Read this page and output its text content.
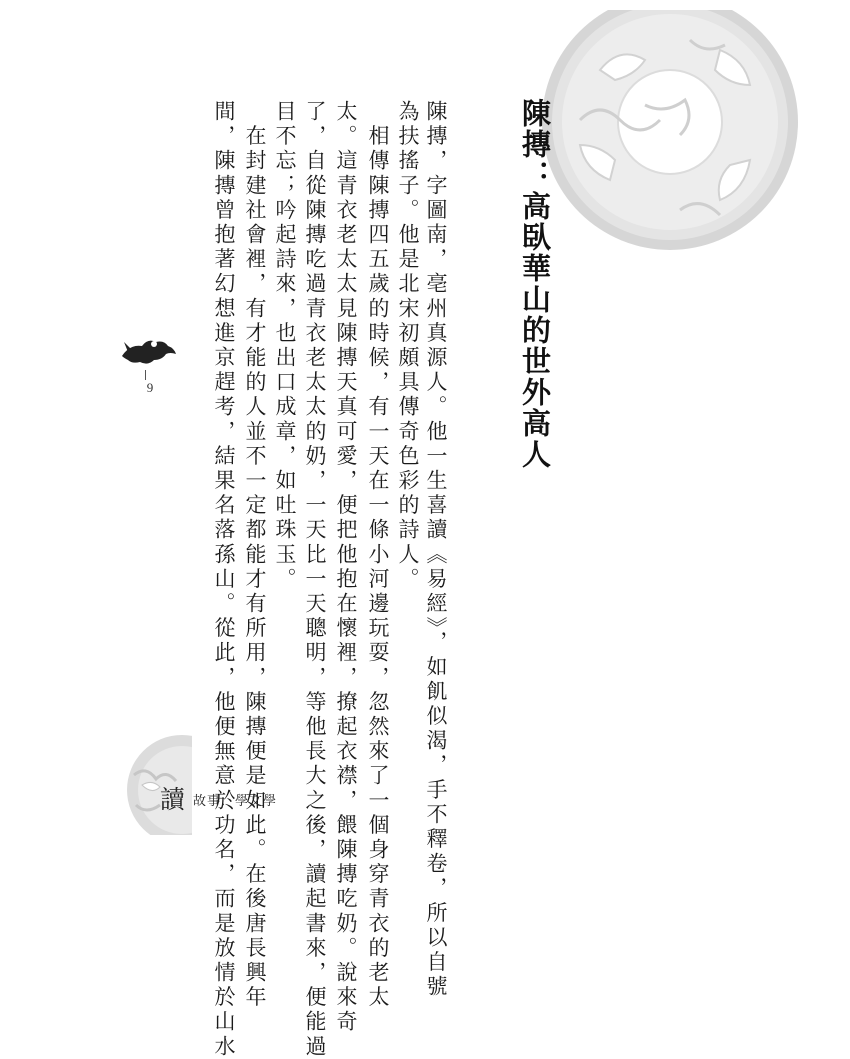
陳摶：高臥華山的世外高人
陳摶，字圖南，亳州真源人。他一生喜讀《易經》，如飢似渴，手不釋卷，所以自號
為扶搖子。他是北宋初頗具傳奇色彩的詩人。
　相傳陳摶四五歲的時候，有一天在一條小河邊玩耍，忽然來了一個身穿青衣的老太
太。這青衣老太太見陳摶天真可愛，便把他抱在懷裡，撩起衣襟，餵陳摶吃奶。說來奇
了，自從陳摶吃過青衣老太太的奶，一天比一天聰明，等他長大之後，讀起書來，便能過
目不忘；吟起詩來，也出口成章，如吐珠玉。
　在封建社會裡，有才能的人並不一定都能才有所用，陳摶便是如此。在後唐長興年
間，陳摶曾抱著幻想進京趕考，結果名落孫山。從此，他便無意於功名，而是放情於山水
9
讀 故事．學文學
